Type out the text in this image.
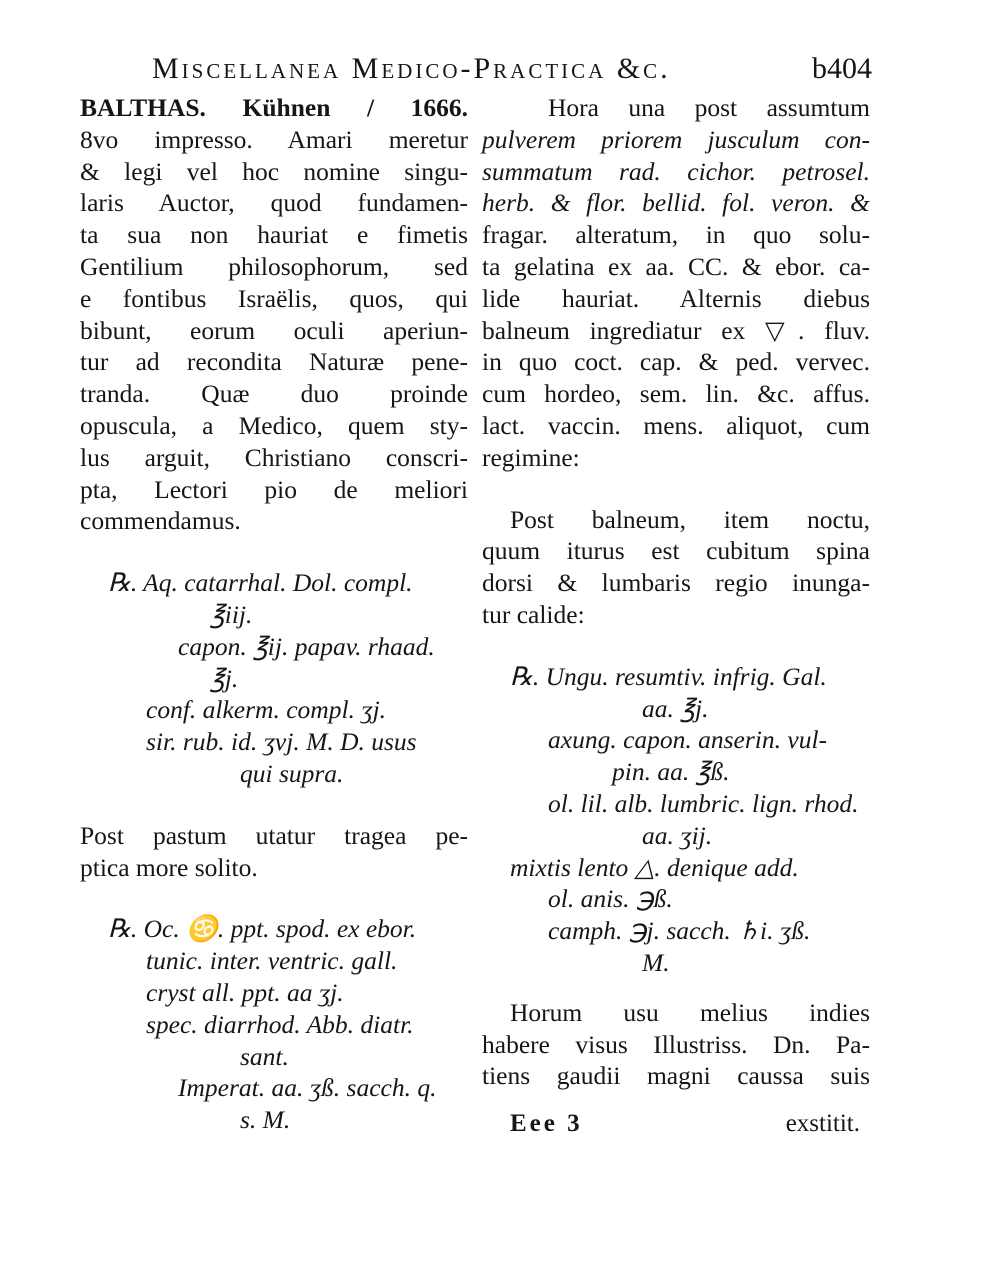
Miscellanea Medico-Practica &c.	b404
BALTHAS. Kühnen / 1666.
8vo impresso. Amari meretur
& legi vel hoc nomine singu-
laris Auctor, quod fundamen-
ta sua non hauriat e fimetis
Gentilium philosophorum, sed
e fontibus Israëlis, quos, qui
bibunt, eorum oculi aperiun-
tur ad recondita Naturæ pene-
tranda. Quæ duo proinde
opuscula, a Medico, quem sty-
lus arguit, Christiano conscri-
pta, Lectori pio de meliori
commendamus.
℞. Aq. catarrhal. Dol. compl.
℥iij.
capon. ℥ij. papav. rhaad.
℥j.
conf. alkerm. compl. ʒj.
sir. rub. id. ʒvj. M. D. usus
qui supra.
Post pastum utatur tragea pe-
ptica more solito.
℞. Oc. ♋. ppt. spod. ex ebor.
tunic. inter. ventric. gall.
cryst all. ppt. aa ʒj.
spec. diarrhod. Abb. diatr.
sant.
Imperat. aa. ʒß. sacch. q.
s. M.
Hora una post assumtum
pulverem priorem jusculum con-
summatum rad. cichor. petrosel.
herb. & flor. bellid. fol. veron. &
fragar. alteratum, in quo solu-
ta gelatina ex aa. CC. & ebor. ca-
lide hauriat. Alternis diebus
balneum ingrediatur ex ▽. fluv.
in quo coct. cap. & ped. vervec.
cum hordeo, sem. lin. &c. affus.
lact. vaccin. mens. aliquot, cum
regimine:
Post balneum, item noctu,
quum iturus est cubitum spina
dorsi & lumbaris regio inunga-
tur calide:
℞. Ungu. resumtiv. infrig. Gal.
aa. ℥j.
axung. capon. anserin. vul-
pin. aa. ℥ß.
ol. lil. alb. lumbric. lign. rhod.
aa. ʒij.
mixtis lento △. denique add.
ol. anis. ℈ß.
camph. ℈j. sacch. ♄i. ʒß.
M.
Horum usu melius indies
habere visus Illustriss. Dn. Pa-
tiens gaudii magni caussa suis
Eee 3	exstitit.
